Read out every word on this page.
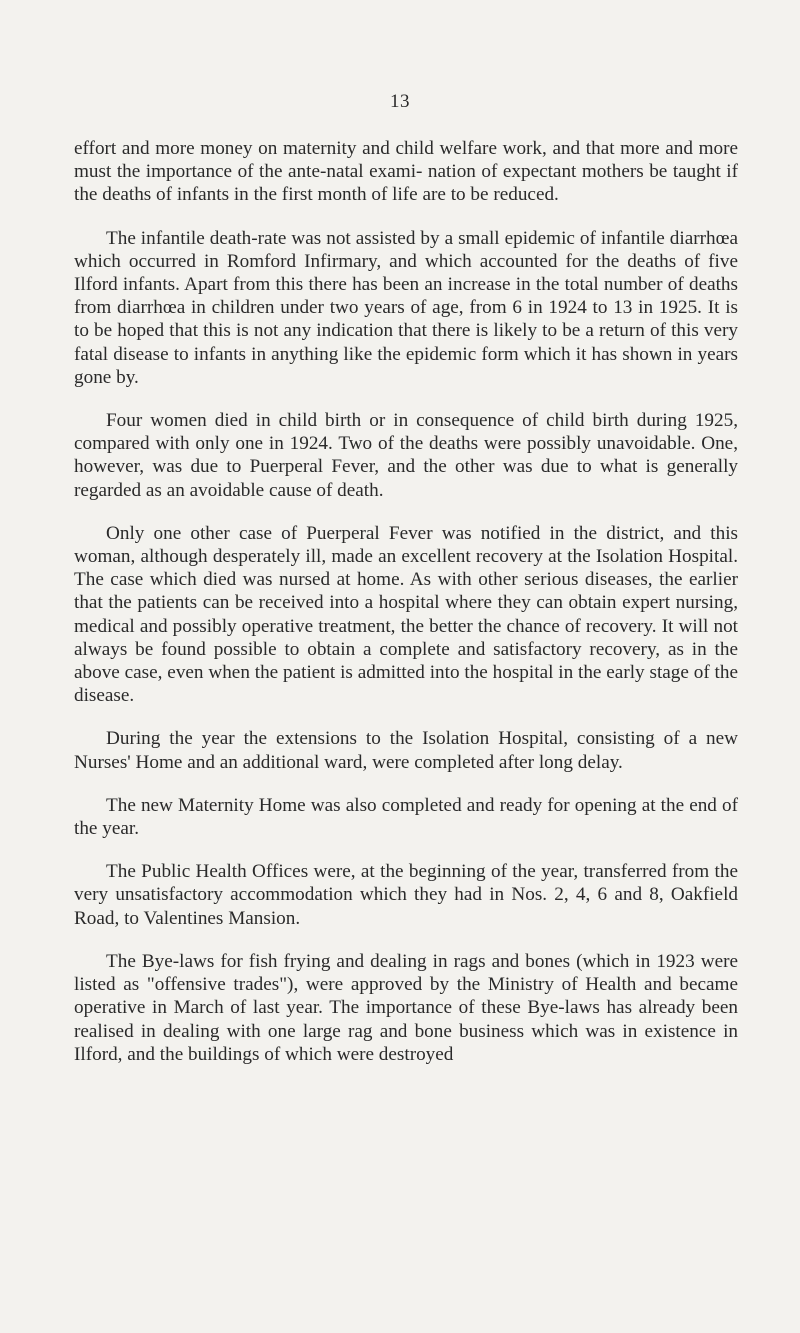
13

effort and more money on maternity and child welfare work, and that more and more must the importance of the ante-natal exami- nation of expectant mothers be taught if the deaths of infants in the first month of life are to be reduced.

The infantile death-rate was not assisted by a small epidemic of infantile diarrhœa which occurred in Romford Infirmary, and which accounted for the deaths of five Ilford infants. Apart from this there has been an increase in the total number of deaths from diarrhœa in children under two years of age, from 6 in 1924 to 13 in 1925. It is to be hoped that this is not any indication that there is likely to be a return of this very fatal disease to infants in anything like the epidemic form which it has shown in years gone by.

Four women died in child birth or in consequence of child birth during 1925, compared with only one in 1924. Two of the deaths were possibly unavoidable. One, however, was due to Puerperal Fever, and the other was due to what is generally regarded as an avoidable cause of death.

Only one other case of Puerperal Fever was notified in the district, and this woman, although desperately ill, made an excellent recovery at the Isolation Hospital. The case which died was nursed at home. As with other serious diseases, the earlier that the patients can be received into a hospital where they can obtain expert nursing, medical and possibly operative treatment, the better the chance of recovery. It will not always be found possible to obtain a complete and satisfactory recovery, as in the above case, even when the patient is admitted into the hospital in the early stage of the disease.

During the year the extensions to the Isolation Hospital, consisting of a new Nurses' Home and an additional ward, were completed after long delay.

The new Maternity Home was also completed and ready for opening at the end of the year.

The Public Health Offices were, at the beginning of the year, transferred from the very unsatisfactory accommodation which they had in Nos. 2, 4, 6 and 8, Oakfield Road, to Valentines Mansion.

The Bye-laws for fish frying and dealing in rags and bones (which in 1923 were listed as "offensive trades"), were approved by the Ministry of Health and became operative in March of last year. The importance of these Bye-laws has already been realised in dealing with one large rag and bone business which was in existence in Ilford, and the buildings of which were destroyed
